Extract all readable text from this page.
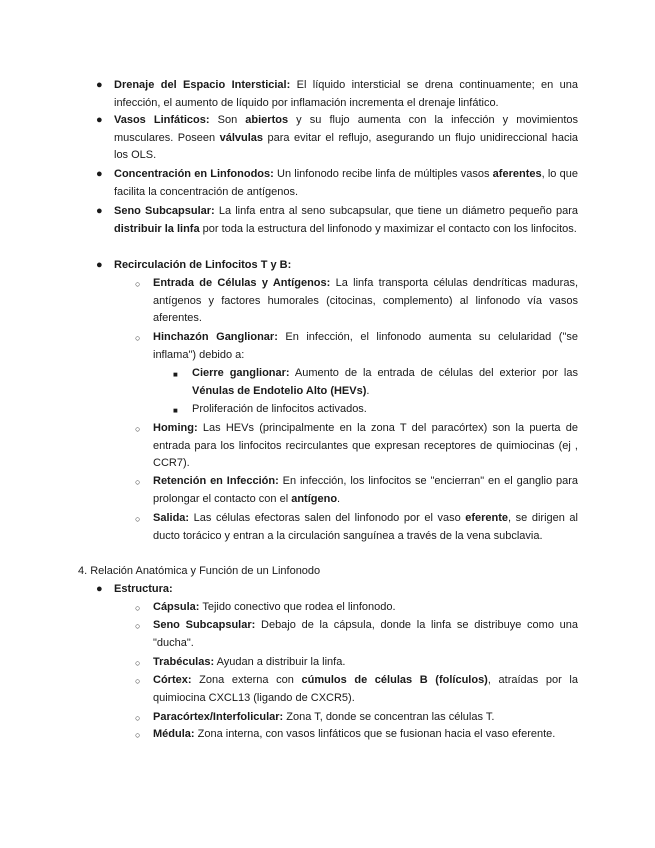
● Drenaje del Espacio Intersticial: El líquido intersticial se drena continuamente; en una infección, el aumento de líquido por inflamación incrementa el drenaje linfático.
● Vasos Linfáticos: Son abiertos y su flujo aumenta con la infección y movimientos musculares. Poseen válvulas para evitar el reflujo, asegurando un flujo unidireccional hacia los OLS.
● Concentración en Linfonodos: Un linfonodo recibe linfa de múltiples vasos aferentes, lo que facilita la concentración de antígenos.
● Seno Subcapsular: La linfa entra al seno subcapsular, que tiene un diámetro pequeño para distribuir la linfa por toda la estructura del linfonodo y maximizar el contacto con los linfocitos.
● Recirculación de Linfocitos T y B:
○ Entrada de Células y Antígenos: La linfa transporta células dendríticas maduras, antígenos y factores humorales (citocinas, complemento) al linfonodo vía vasos aferentes.
○ Hinchazón Ganglionar: En infección, el linfonodo aumenta su celularidad ("se inflama") debido a:
■ Cierre ganglionar: Aumento de la entrada de células del exterior por las Vénulas de Endotelio Alto (HEVs).
■ Proliferación de linfocitos activados.
○ Homing: Las HEVs (principalmente en la zona T del paracórtex) son la puerta de entrada para los linfocitos recirculantes que expresan receptores de quimiocinas (ej , CCR7).
○ Retención en Infección: En infección, los linfocitos se "encierran" en el ganglio para prolongar el contacto con el antígeno.
○ Salida: Las células efectoras salen del linfonodo por el vaso eferente, se dirigen al ducto torácico y entran a la circulación sanguínea a través de la vena subclavia.
4. Relación Anatómica y Función de un Linfonodo
● Estructura:
○ Cápsula: Tejido conectivo que rodea el linfonodo.
○ Seno Subcapsular: Debajo de la cápsula, donde la linfa se distribuye como una "ducha".
○ Trabéculas: Ayudan a distribuir la linfa.
○ Córtex: Zona externa con cúmulos de células B (folículos), atraídas por la quimiocina CXCL13 (ligando de CXCR5).
○ Paracórtex/Interfolicular: Zona T, donde se concentran las células T.
○ Médula: Zona interna, con vasos linfáticos que se fusionan hacia el vaso eferente.
